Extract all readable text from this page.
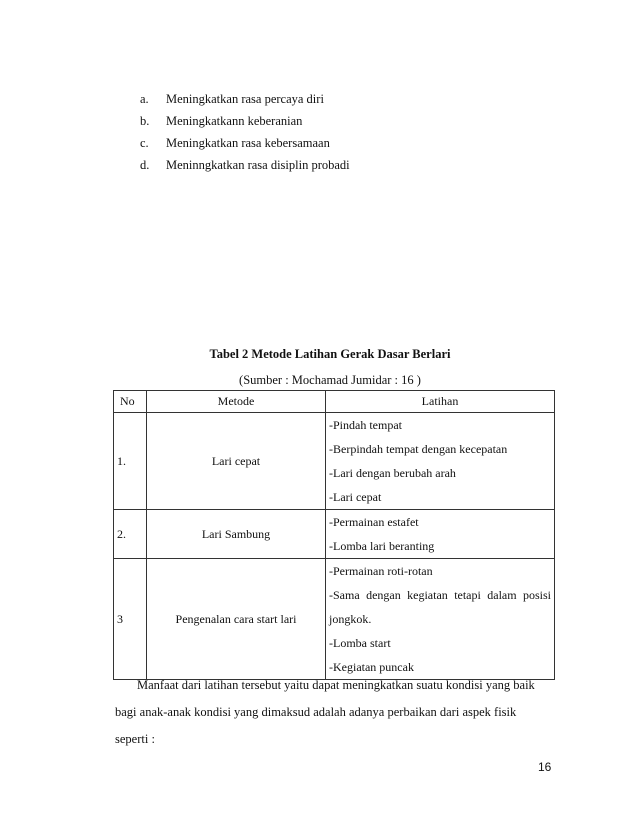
a.	Meningkatkan rasa percaya diri
b.	Meningkatkann keberanian
c.	Meningkatkan rasa kebersamaan
d.	Meninngkatkan rasa disiplin probadi
Tabel 2 Metode Latihan Gerak Dasar Berlari
(Sumber : Mochamad Jumidar : 16 )
No	Metode	Latihan
1.	Lari cepat	-Pindah tempat
-Berpindah tempat dengan kecepatan
-Lari dengan berubah arah
-Lari cepat

2.	Lari Sambung	-Permainan estafet
-Lomba lari beranting

3	Pengenalan cara start lari	-Permainan roti-rotan
-Sama dengan kegiatan tetapi dalam posisi
jongkok.
-Lomba start
-Kegiatan puncak

Manfaat dari latihan tersebut yaitu dapat meningkatkan suatu kondisi yang baik
bagi anak-anak kondisi yang dimaksud adalah adanya perbaikan dari aspek fisik
seperti :

16
